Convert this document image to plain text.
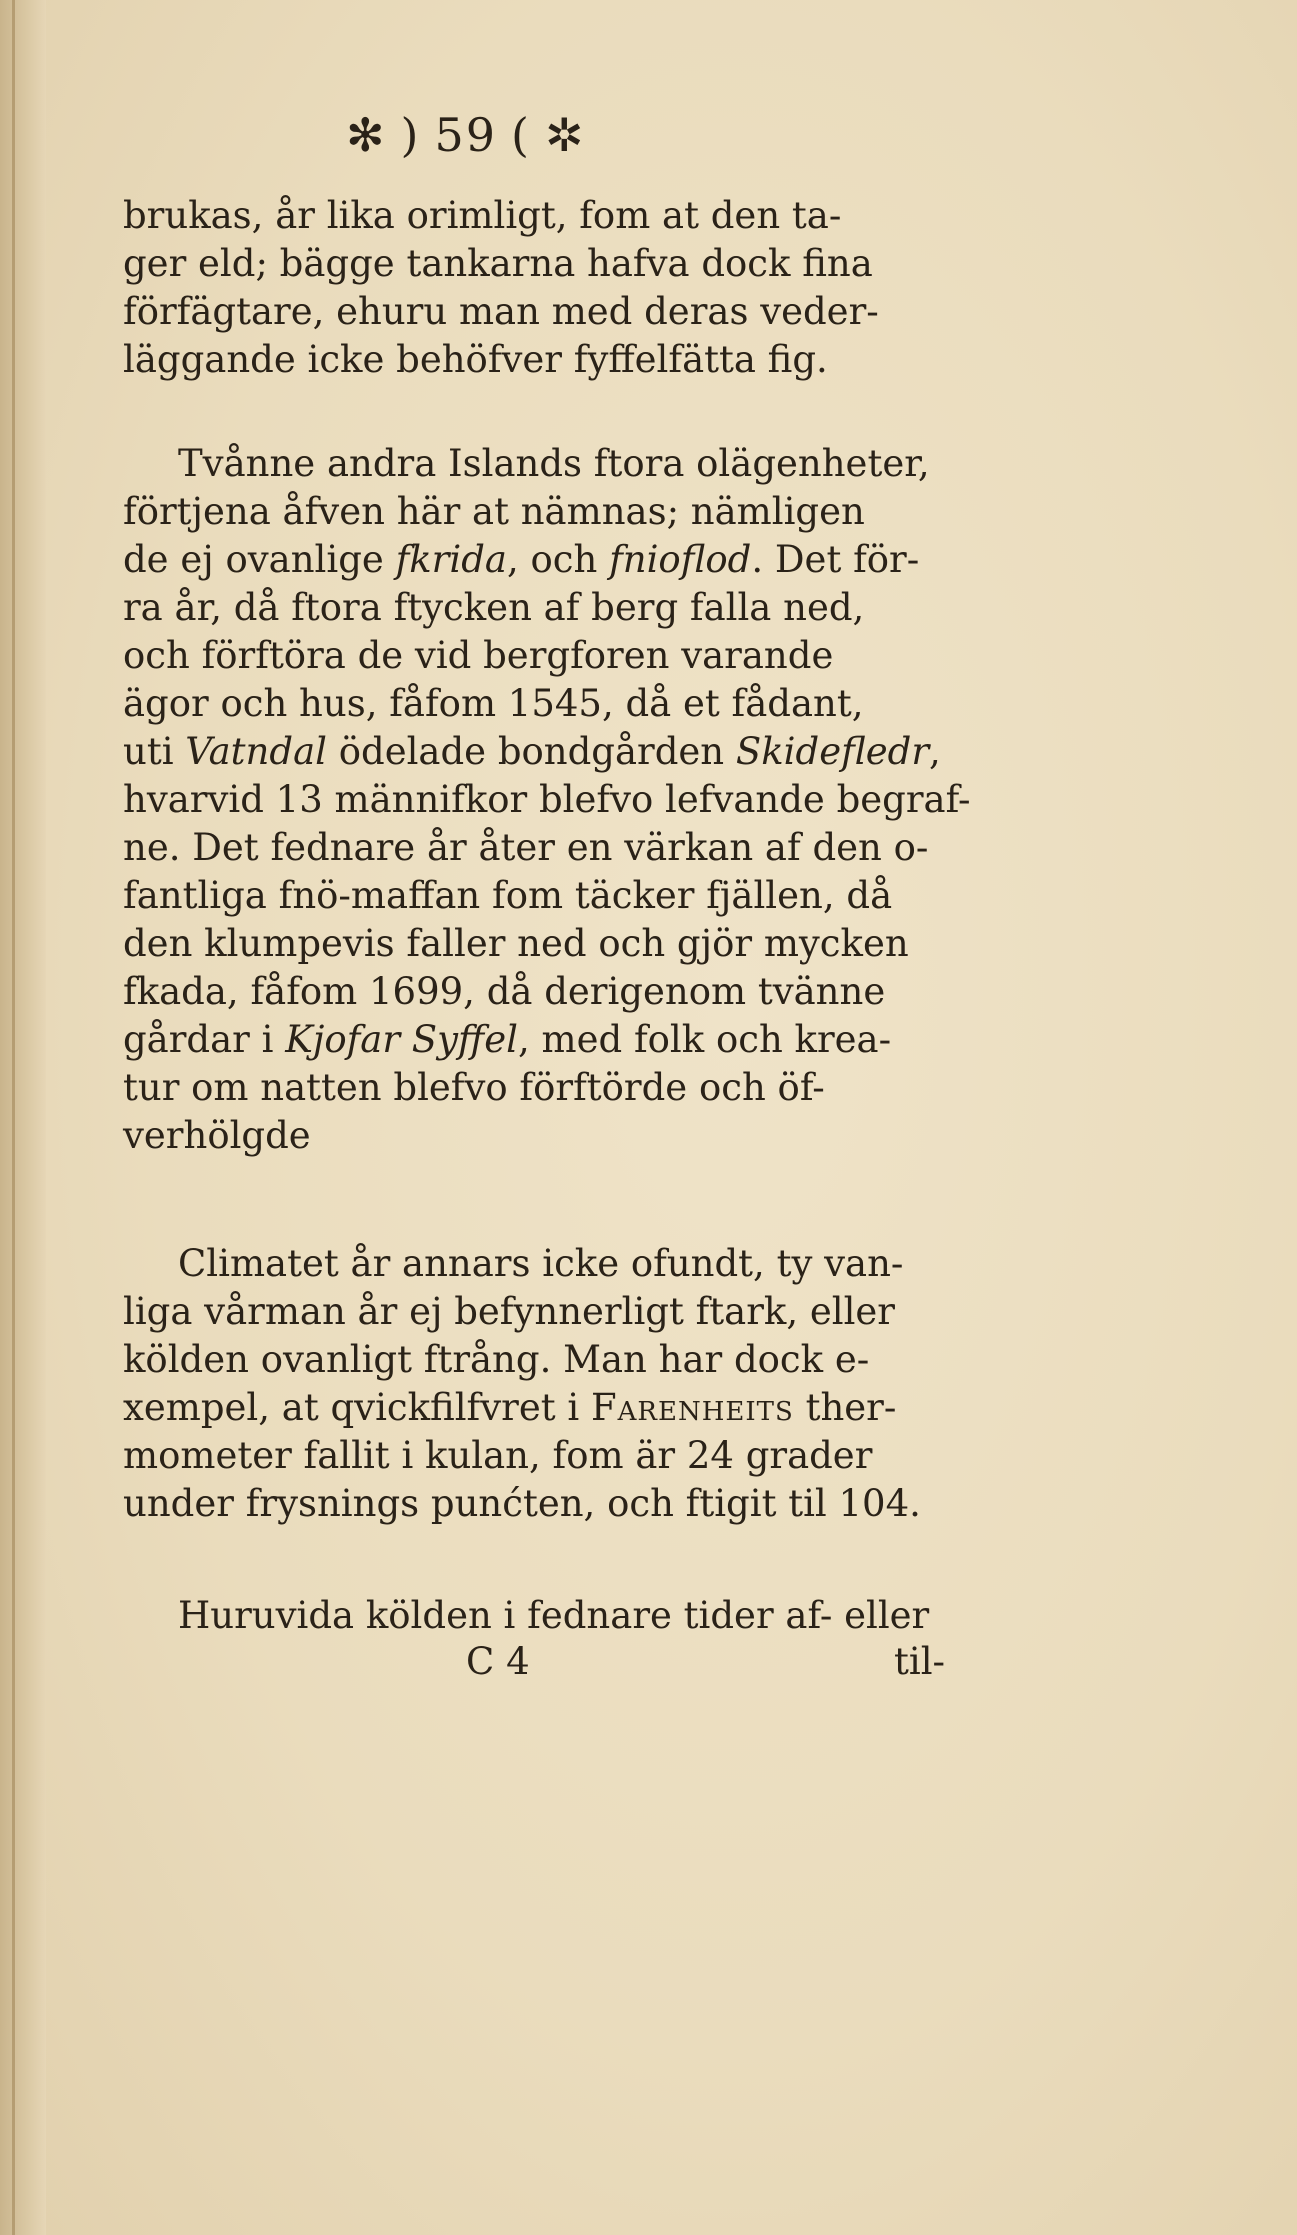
✻ ) 59 ( ✲
brukas, år lika orimligt, fom at den ta-
ger eld; bägge tankarna hafva dock fina
förfägtare, ehuru man med deras veder-
läggande icke behöfver fyffelfätta fig.
Tvånne andra Islands ftora olägenheter,
förtjena åfven här at nämnas; nämligen
de ej ovanlige fkrida, och fnioflod. Det för-
ra år, då ftora ftycken af berg falla ned,
och förftöra de vid bergforen varande
ägor och hus, fåfom 1545, då et fådant,
uti Vatndal ödelade bondgården Skidefledr,
hvarvid 13 männifkor blefvo lefvande begraf-
ne. Det fednare år åter en värkan af den o-
fantliga fnö-maffan fom täcker fjällen, då
den klumpevis faller ned och gjör mycken
fkada, fåfom 1699, då derigenom tvänne
gårdar i Kjofar Syffel, med folk och krea-
tur om natten blefvo förftörde och öf-
verhölgde
Climatet år annars icke ofundt, ty van-
liga vårman år ej befynnerligt ftark, eller
kölden ovanligt ftrång. Man har dock e-
xempel, at qvickfilfvret i Farenheits ther-
mometer fallit i kulan, fom är 24 grader
under frysnings punćten, och ftigit til 104.
Huruvida kölden i fednare tider af- eller
C 4	til-
